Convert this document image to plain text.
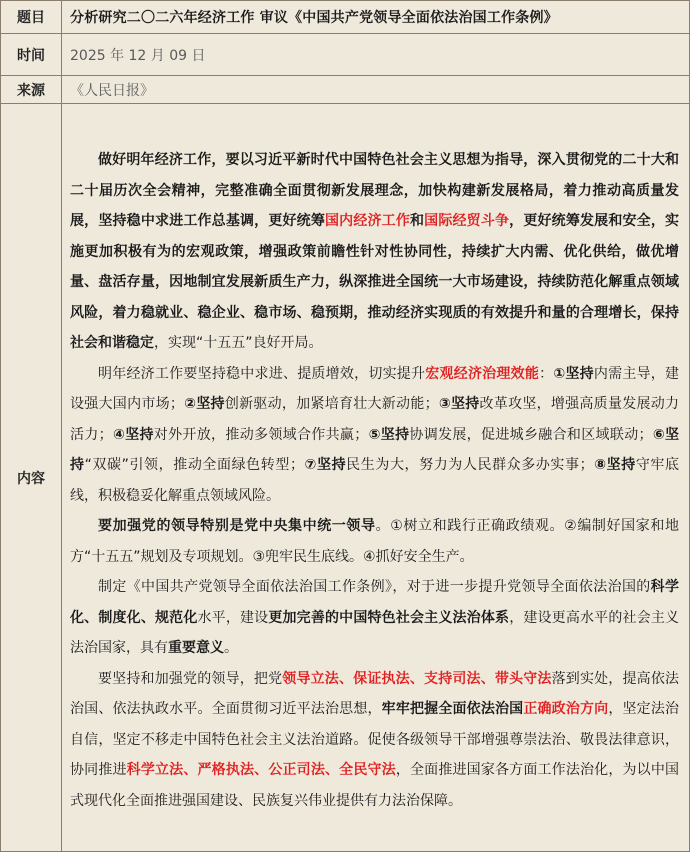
题目	分析研究二〇二六年经济工作 审议《中国共产党领导全面依法治国工作条例》
时间	2025 年 12 月 09 日
来源	《人民日报》
内容	做好明年经济工作，要以习近平新时代中国特色社会主义思想为指导，深入贯彻党的二十大和二十届历次全会精神，完整准确全面贯彻新发展理念，加快构建新发展格局，着力推动高质量发展，坚持稳中求进工作总基调，更好统筹国内经济工作和国际经贸斗争，更好统筹发展和安全，实施更加积极有为的宏观政策，增强政策前瞻性针对性协同性，持续扩大内需、优化供给，做优增量、盘活存量，因地制宜发展新质生产力，纵深推进全国统一大市场建设，持续防范化解重点领域风险，着力稳就业、稳企业、稳市场、稳预期，推动经济实现质的有效提升和量的合理增长，保持社会和谐稳定，实现“十五五”良好开局。

明年经济工作要坚持稳中求进、提质增效，切实提升宏观经济治理效能：①坚持内需主导，建设强大国内市场；②坚持创新驱动，加紧培育壮大新动能；③坚持改革攻坚，增强高质量发展动力活力；④坚持对外开放，推动多领域合作共赢；⑤坚持协调发展，促进城乡融合和区域联动；⑥坚持“双碳”引领，推动全面绿色转型；⑦坚持民生为大，努力为人民群众多办实事；⑧坚持守牢底线，积极稳妥化解重点领域风险。

要加强党的领导特别是党中央集中统一领导。①树立和践行正确政绩观。②编制好国家和地方“十五五”规划及专项规划。③兜牢民生底线。④抓好安全生产。

制定《中国共产党领导全面依法治国工作条例》，对于进一步提升党领导全面依法治国的科学化、制度化、规范化水平，建设更加完善的中国特色社会主义法治体系，建设更高水平的社会主义法治国家，具有重要意义。

要坚持和加强党的领导，把党领导立法、保证执法、支持司法、带头守法落到实处，提高依法治国、依法执政水平。全面贯彻习近平法治思想，牢牢把握全面依法治国正确政治方向，坚定法治自信，坚定不移走中国特色社会主义法治道路。促使各级领导干部增强尊崇法治、敬畏法律意识，协同推进科学立法、严格执法、公正司法、全民守法，全面推进国家各方面工作法治化，为以中国式现代化全面推进强国建设、民族复兴伟业提供有力法治保障。
